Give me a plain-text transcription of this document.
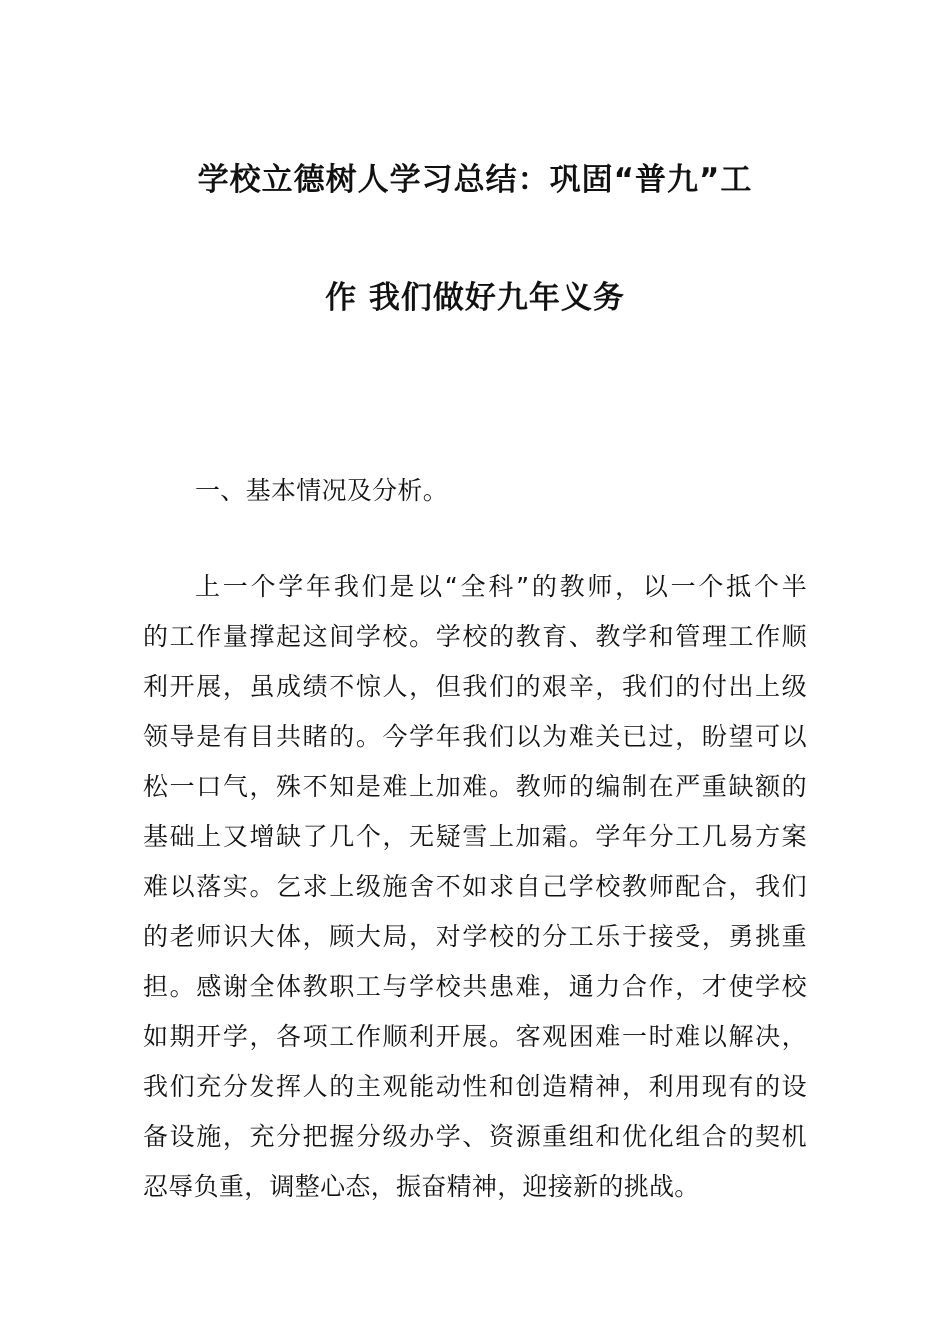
学校立德树人学习总结：巩固“普九”工
作 我们做好九年义务
一、基本情况及分析。
上一个学年我们是以“全科”的教师，以一个抵个半
的工作量撑起这间学校。学校的教育、教学和管理工作顺
利开展，虽成绩不惊人，但我们的艰辛，我们的付出上级
领导是有目共睹的。今学年我们以为难关已过，盼望可以
松一口气，殊不知是难上加难。教师的编制在严重缺额的
基础上又增缺了几个，无疑雪上加霜。学年分工几易方案
难以落实。乞求上级施舍不如求自己学校教师配合，我们
的老师识大体，顾大局，对学校的分工乐于接受，勇挑重
担。感谢全体教职工与学校共患难，通力合作，才使学校
如期开学，各项工作顺利开展。客观困难一时难以解决，
我们充分发挥人的主观能动性和创造精神，利用现有的设
备设施，充分把握分级办学、资源重组和优化组合的契机
忍辱负重，调整心态，振奋精神，迎接新的挑战。
